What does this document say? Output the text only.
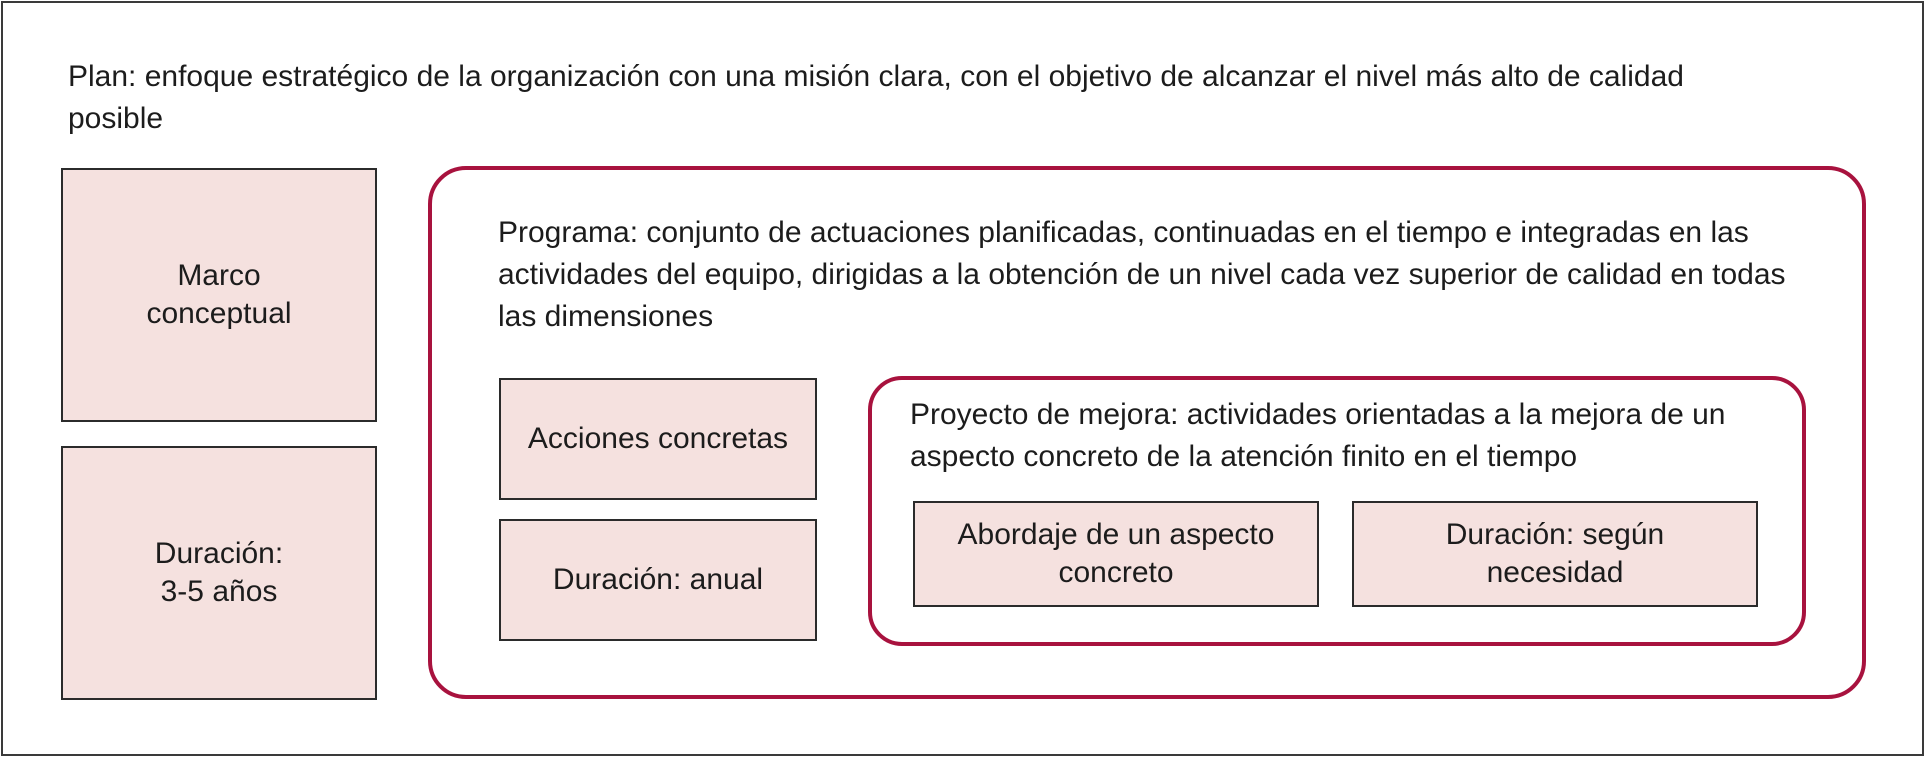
Plan: enfoque estratégico de la organización con una misión clara, con el objetivo de alcanzar el nivel más alto de calidad posible

Marco
conceptual
Duración:
3-5 años

Programa: conjunto de actuaciones planificadas, continuadas en el tiempo e integradas en las actividades del equipo, dirigidas a la obtención de un nivel cada vez superior de calidad en todas las dimensiones

Acciones concretas
Duración: anual

Proyecto de mejora: actividades orientadas a la mejora de un aspecto concreto de la atención finito en el tiempo

Abordaje de un aspecto
concreto
Duración: según
necesidad
